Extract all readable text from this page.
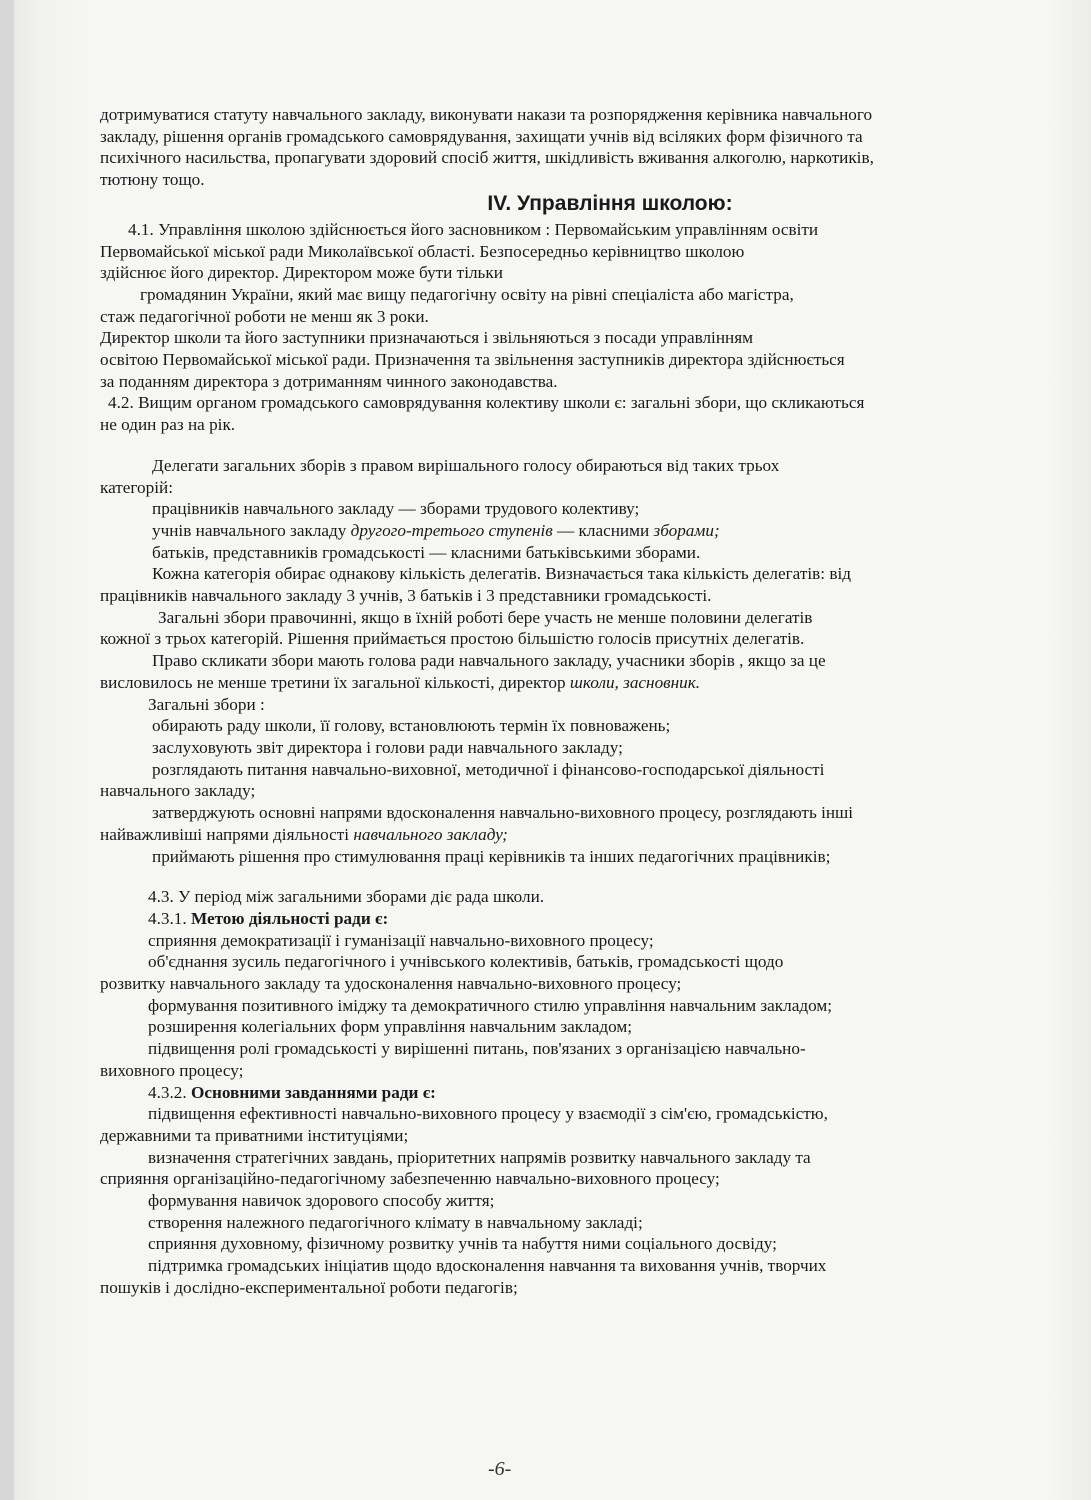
дотримуватися статуту навчального закладу, виконувати накази та розпорядження керівника навчального

закладу, рішення органів громадського самоврядування, захищати учнів від всіляких форм фізичного та

психічного насильства, пропагувати здоровий спосіб життя, шкідливість вживання алкоголю, наркотиків,

тютюну тощо.

IV. Управління школою:

4.1. Управління школою здійснюється його засновником : Первомайським управлінням освіти

Первомайської міської ради Миколаївської області. Безпосередньо керівництво школою

здійснює його директор. Директором може бути тільки

громадянин України, який має вищу педагогічну освіту на рівні спеціаліста або магістра,

стаж педагогічної роботи не менш як 3 роки.

Директор школи та його заступники призначаються і звільняються з посади управлінням

освітою Первомайської міської ради. Призначення та звільнення заступників директора здійснюється

за поданням директора з дотриманням чинного законодавства.

4.2. Вищим органом громадського самоврядування колективу школи є: загальні збори, що скликаються

не один раз на рік.

Делегати загальних зборів з правом вирішального голосу обираються від таких трьох

категорій:

працівників навчального закладу — зборами трудового колективу;

учнів навчального закладу другого-третього ступенів — класними зборами;

батьків, представників громадськості — класними батьківськими зборами.

Кожна категорія обирає однакову кількість делегатів. Визначається така кількість делегатів: від

працівників навчального закладу 3 учнів, 3 батьків і 3 представники громадськості.

Загальні збори правочинні, якщо в їхній роботі бере участь не менше половини делегатів

кожної з трьох категорій. Рішення приймається простою більшістю голосів присутніх делегатів.

Право скликати збори мають голова ради навчального закладу, учасники зборів , якщо за це

висловилось не менше третини їх загальної кількості, директор школи, засновник.

Загальні збори :

обирають раду школи, її голову, встановлюють термін їх повноважень;

заслуховують звіт директора і голови ради навчального закладу;

розглядають питання навчально-виховної, методичної і фінансово-господарської діяльності

навчального закладу;

затверджують основні напрями вдосконалення навчально-виховного процесу, розглядають інші

найважливіші напрями діяльності навчального закладу;

приймають рішення про стимулювання праці керівників та інших педагогічних працівників;

4.3. У період між загальними зборами діє рада школи.

4.3.1. Метою діяльності ради є:

сприяння демократизації і гуманізації навчально-виховного процесу;

об'єднання зусиль педагогічного і учнівського колективів, батьків, громадськості щодо

розвитку навчального закладу та удосконалення навчально-виховного процесу;

формування позитивного іміджу та демократичного стилю управління навчальним закладом;

розширення колегіальних форм управління навчальним закладом;

підвищення ролі громадськості у вирішенні питань, пов'язаних з організацією навчально-

виховного процесу;

4.3.2. Основними завданнями ради є:

підвищення ефективності навчально-виховного процесу у взаємодії з сім'єю, громадськістю,

державними та приватними інституціями;

визначення стратегічних завдань, пріоритетних напрямів розвитку навчального закладу та

сприяння організаційно-педагогічному забезпеченню навчально-виховного процесу;

формування навичок здорового способу життя;

створення належного педагогічного клімату в навчальному закладі;

сприяння духовному, фізичному розвитку учнів та набуття ними соціального досвіду;

підтримка громадських ініціатив щодо вдосконалення навчання та виховання учнів, творчих

пошуків і дослідно-експериментальної роботи педагогів;

-6-
